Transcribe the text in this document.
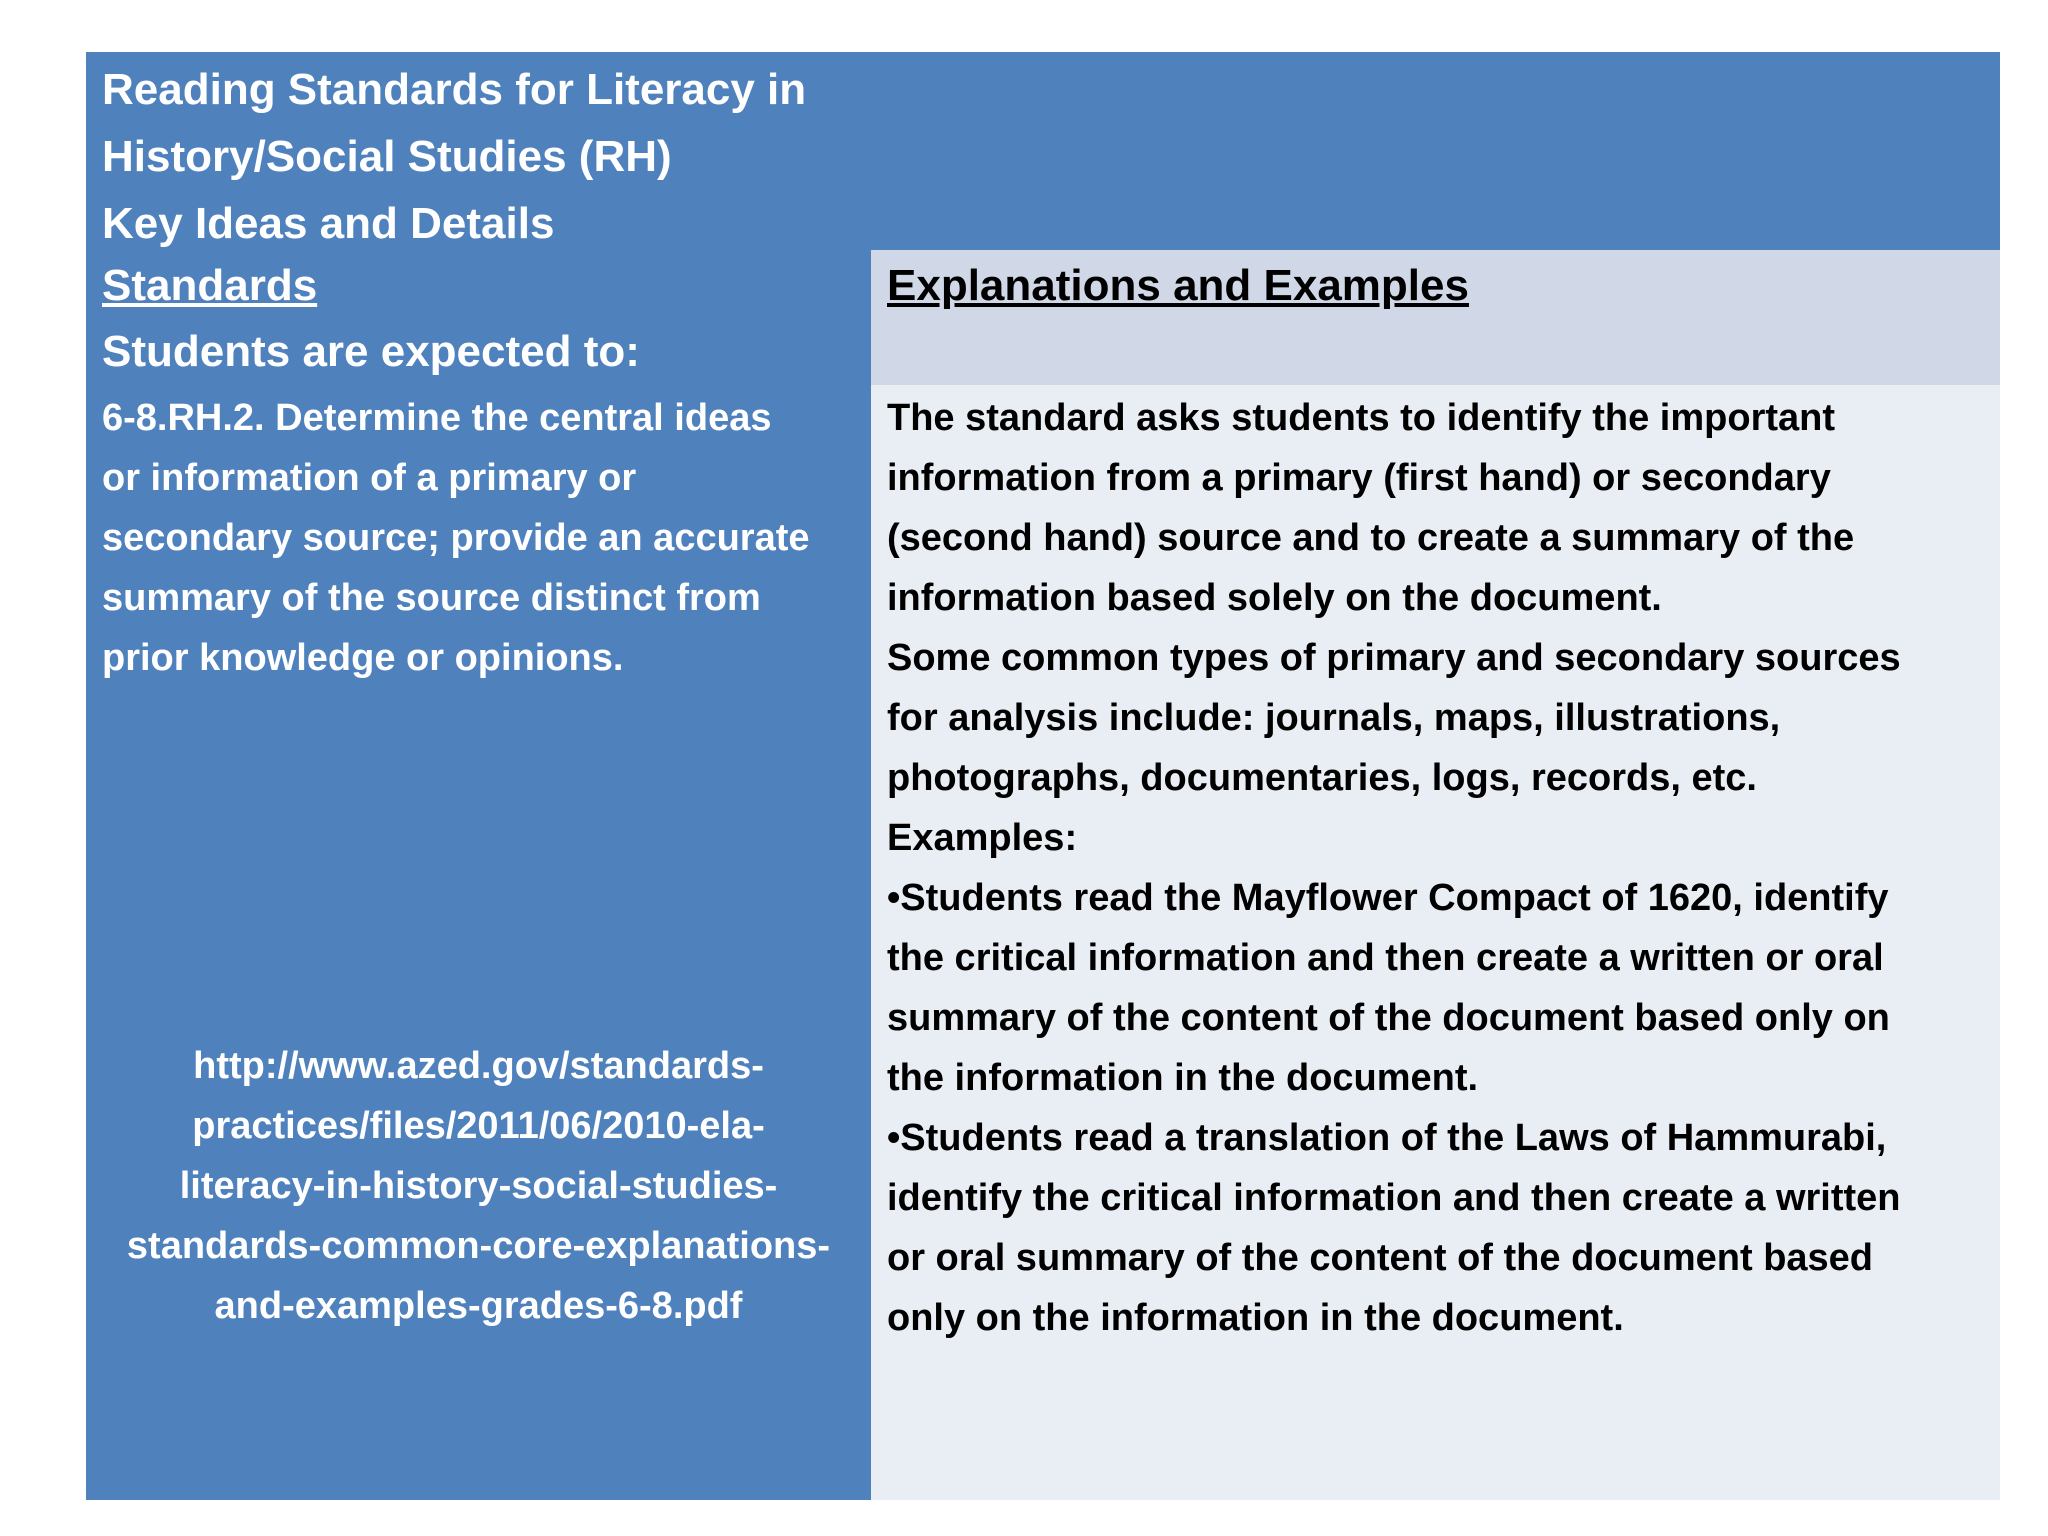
Reading Standards for Literacy in
History/Social Studies (RH)
Key Ideas and Details
Standards
Students are expected to:
6-8.RH.2. Determine the central ideas
or information of a primary or
secondary source; provide an accurate
summary of the source distinct from
prior knowledge or opinions.
http://www.azed.gov/standards-
practices/files/2011/06/2010-ela-
literacy-in-history-social-studies-
standards-common-core-explanations-
and-examples-grades-6-8.pdf
Explanations and Examples
The standard asks students to identify the important
information from a primary (first hand) or secondary
(second hand) source and to create a summary of the
information based solely on the document.
Some common types of primary and secondary sources
for analysis include: journals, maps, illustrations,
photographs, documentaries, logs, records, etc.
Examples:
•Students read the Mayflower Compact of 1620, identify
the critical information and then create a written or oral
summary of the content of the document based only on
the information in the document.
•Students read a translation of the Laws of Hammurabi,
identify the critical information and then create a written
or oral summary of the content of the document based
only on the information in the document.
